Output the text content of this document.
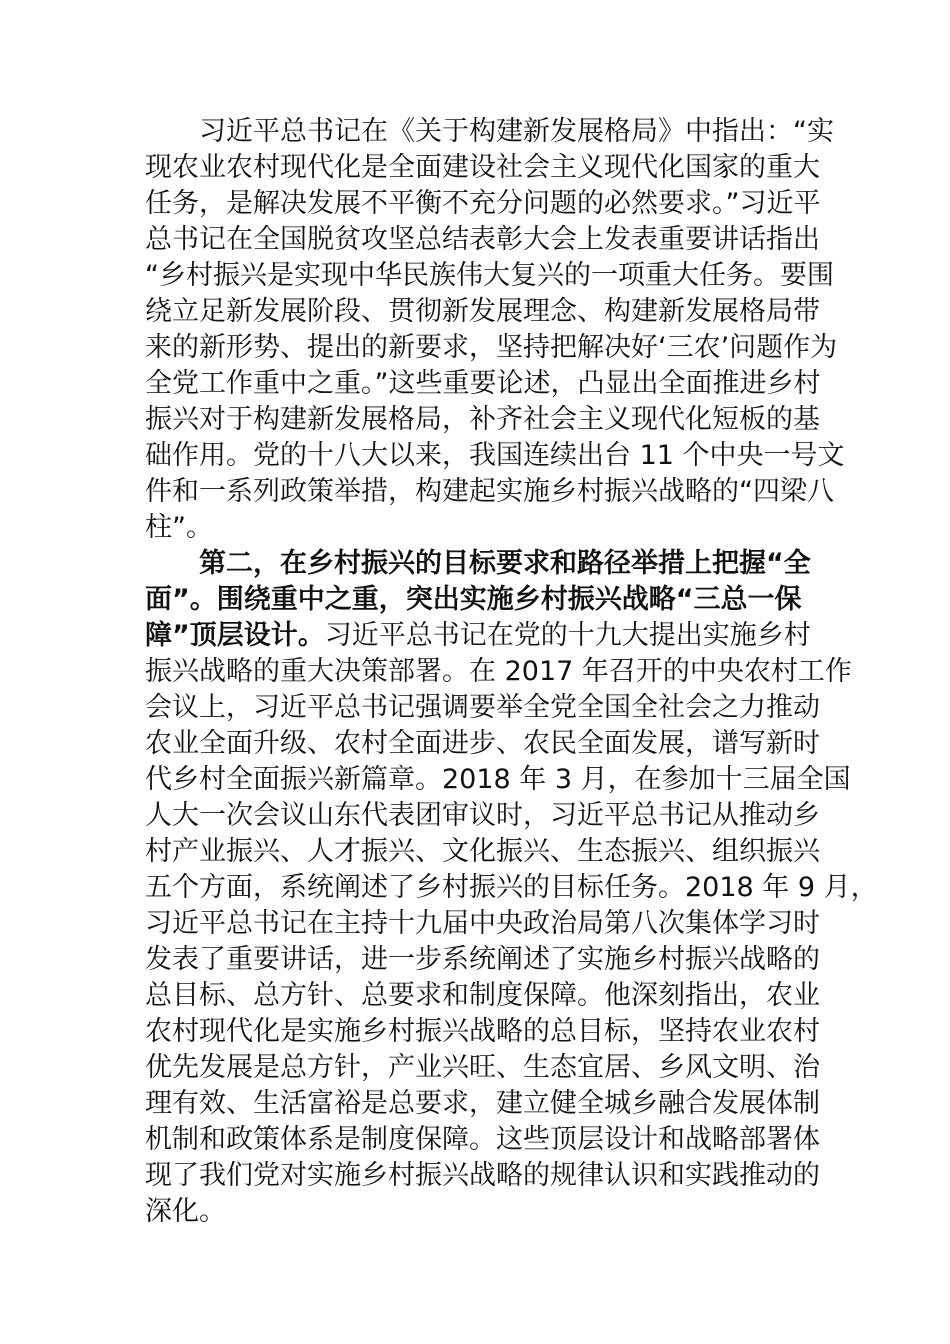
习近平总书记在《关于构建新发展格局》中指出：“实
现农业农村现代化是全面建设社会主义现代化国家的重大
任务，是解决发展不平衡不充分问题的必然要求。”习近平
总书记在全国脱贫攻坚总结表彰大会上发表重要讲话指出
“乡村振兴是实现中华民族伟大复兴的一项重大任务。要围
绕立足新发展阶段、贯彻新发展理念、构建新发展格局带
来的新形势、提出的新要求，坚持把解决好‘三农’问题作为
全党工作重中之重。”这些重要论述，凸显出全面推进乡村
振兴对于构建新发展格局，补齐社会主义现代化短板的基
础作用。党的十八大以来，我国连续出台 11 个中央一号文
件和一系列政策举措，构建起实施乡村振兴战略的“四梁八
柱”。
第二，在乡村振兴的目标要求和路径举措上把握“全
面”。围绕重中之重，突出实施乡村振兴战略“三总一保
障”顶层设计。习近平总书记在党的十九大提出实施乡村
振兴战略的重大决策部署。在 2017 年召开的中央农村工作
会议上，习近平总书记强调要举全党全国全社会之力推动
农业全面升级、农村全面进步、农民全面发展，谱写新时
代乡村全面振兴新篇章。2018 年 3 月，在参加十三届全国
人大一次会议山东代表团审议时，习近平总书记从推动乡
村产业振兴、人才振兴、文化振兴、生态振兴、组织振兴
五个方面，系统阐述了乡村振兴的目标任务。2018 年 9 月，
习近平总书记在主持十九届中央政治局第八次集体学习时
发表了重要讲话，进一步系统阐述了实施乡村振兴战略的
总目标、总方针、总要求和制度保障。他深刻指出，农业
农村现代化是实施乡村振兴战略的总目标，坚持农业农村
优先发展是总方针，产业兴旺、生态宜居、乡风文明、治
理有效、生活富裕是总要求，建立健全城乡融合发展体制
机制和政策体系是制度保障。这些顶层设计和战略部署体
现了我们党对实施乡村振兴战略的规律认识和实践推动的
深化。
